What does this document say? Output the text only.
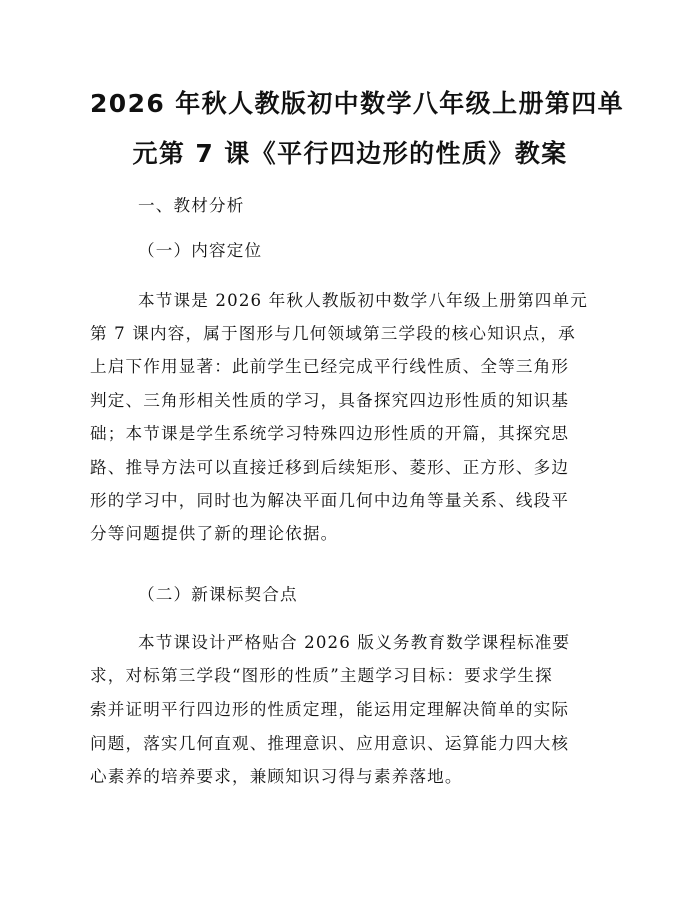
2026 年秋人教版初中数学八年级上册第四单
元第 7 课《平行四边形的性质》教案
一、教材分析
（一）内容定位
本节课是 2026 年秋人教版初中数学八年级上册第四单元
第 7 课内容，属于图形与几何领域第三学段的核心知识点，承
上启下作用显著：此前学生已经完成平行线性质、全等三角形
判定、三角形相关性质的学习，具备探究四边形性质的知识基
础；本节课是学生系统学习特殊四边形性质的开篇，其探究思
路、推导方法可以直接迁移到后续矩形、菱形、正方形、多边
形的学习中，同时也为解决平面几何中边角等量关系、线段平
分等问题提供了新的理论依据。
（二）新课标契合点
本节课设计严格贴合 2026 版义务教育数学课程标准要
求，对标第三学段“图形的性质”主题学习目标：要求学生探
索并证明平行四边形的性质定理，能运用定理解决简单的实际
问题，落实几何直观、推理意识、应用意识、运算能力四大核
心素养的培养要求，兼顾知识习得与素养落地。
